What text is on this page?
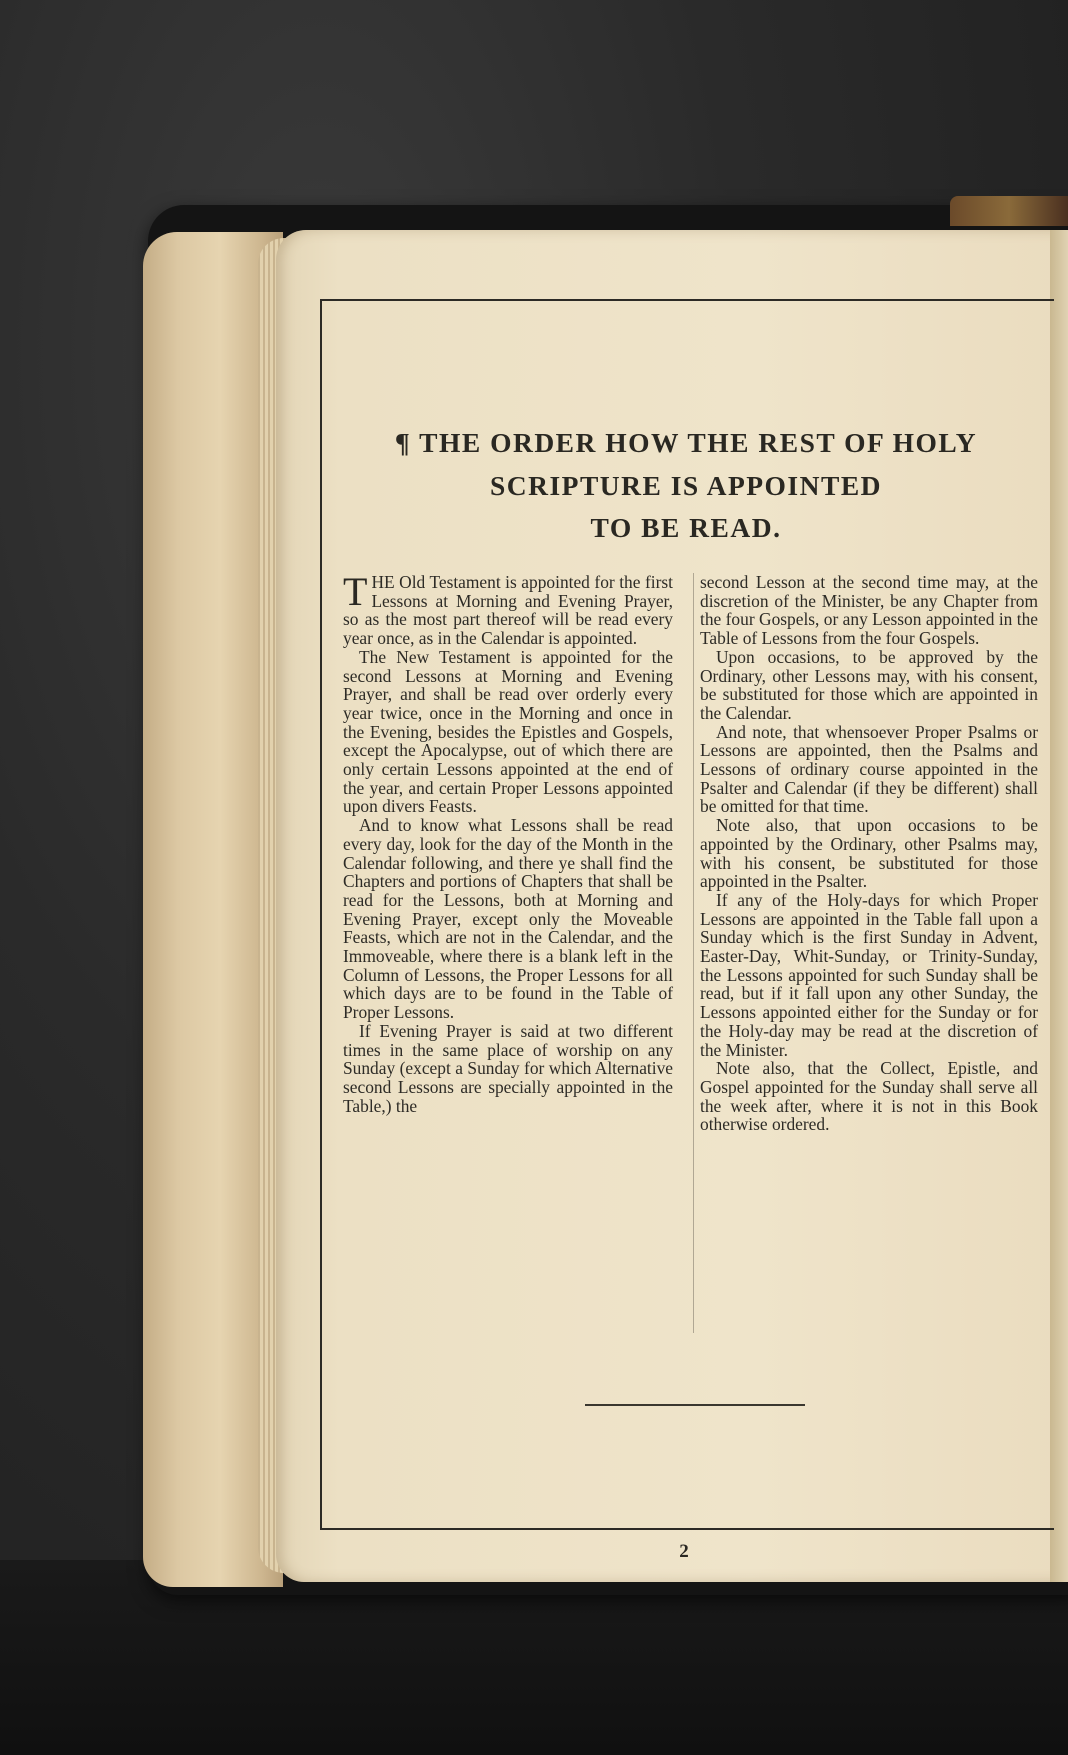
¶ THE ORDER HOW THE REST OF HOLY
SCRIPTURE IS APPOINTED
TO BE READ.

THE Old Testament is appointed for the first Lessons at Morning and Evening Prayer, so as the most part thereof will be read every year once, as in the Calendar is appointed.

The New Testament is appointed for the second Lessons at Morning and Evening Prayer, and shall be read over orderly every year twice, once in the Morning and once in the Evening, besides the Epistles and Gospels, except the Apocalypse, out of which there are only certain Lessons appointed at the end of the year, and certain Proper Lessons appointed upon divers Feasts.

And to know what Lessons shall be read every day, look for the day of the Month in the Calendar following, and there ye shall find the Chapters and portions of Chapters that shall be read for the Lessons, both at Morning and Evening Prayer, except only the Moveable Feasts, which are not in the Calendar, and the Immoveable, where there is a blank left in the Column of Lessons, the Proper Lessons for all which days are to be found in the Table of Proper Lessons.

If Evening Prayer is said at two different times in the same place of worship on any Sunday (except a Sunday for which Alternative second Lessons are specially appointed in the Table,) the

second Lesson at the second time may, at the discretion of the Minister, be any Chapter from the four Gospels, or any Lesson appointed in the Table of Lessons from the four Gospels.

Upon occasions, to be approved by the Ordinary, other Lessons may, with his consent, be substituted for those which are appointed in the Calendar.

And note, that whensoever Proper Psalms or Lessons are appointed, then the Psalms and Lessons of ordinary course appointed in the Psalter and Calendar (if they be different) shall be omitted for that time.

Note also, that upon occasions to be appointed by the Ordinary, other Psalms may, with his consent, be substituted for those appointed in the Psalter.

If any of the Holy-days for which Proper Lessons are appointed in the Table fall upon a Sunday which is the first Sunday in Advent, Easter-Day, Whit-Sunday, or Trinity-Sunday, the Lessons appointed for such Sunday shall be read, but if it fall upon any other Sunday, the Lessons appointed either for the Sunday or for the Holy-day may be read at the discretion of the Minister.

Note also, that the Collect, Epistle, and Gospel appointed for the Sunday shall serve all the week after, where it is not in this Book otherwise ordered.

2
